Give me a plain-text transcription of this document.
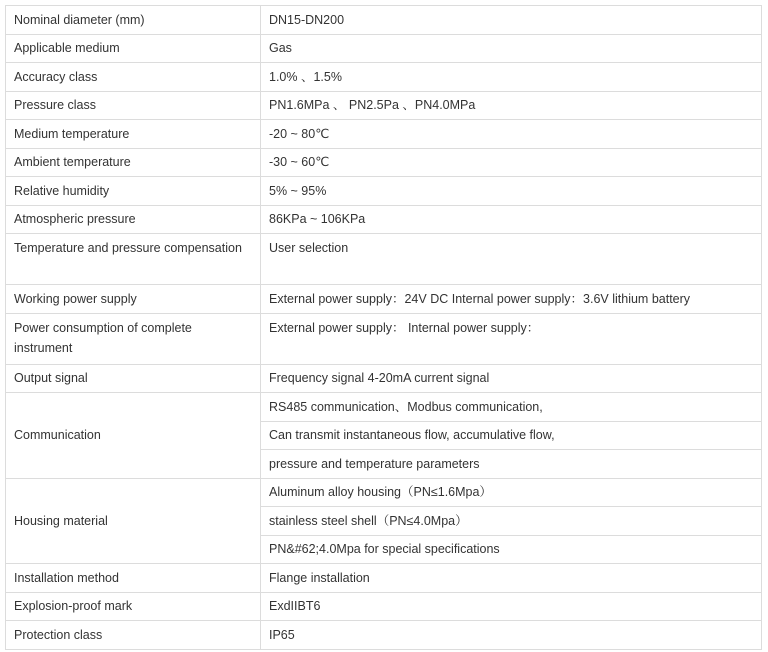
Nominal diameter (mm)	DN15-DN200
Applicable medium	Gas
Accuracy class	1.0% 、1.5%
Pressure class	PN1.6MPa 、 PN2.5Pa 、PN4.0MPa
Medium temperature	-20 ~ 80℃
Ambient temperature	-30 ~ 60℃
Relative humidity	5% ~ 95%
Atmospheric pressure	86KPa ~ 106KPa
Temperature and pressure compensation	User selection
Working power supply	External power supply：24V DC Internal power supply：3.6V lithium battery
Power consumption of complete instrument	External power supply： Internal power supply：
Output signal	Frequency signal 4-20mA current signal
Communication	RS485 communication、Modbus communication,
	Can transmit instantaneous flow, accumulative flow,
	pressure and temperature parameters
Housing material	Aluminum alloy housing（PN≤1.6Mpa）
	stainless steel shell（PN≤4.0Mpa）
	PN&#62;4.0Mpa for special specifications
Installation method	Flange installation
Explosion-proof mark	ExdIIBT6
Protection class	IP65
